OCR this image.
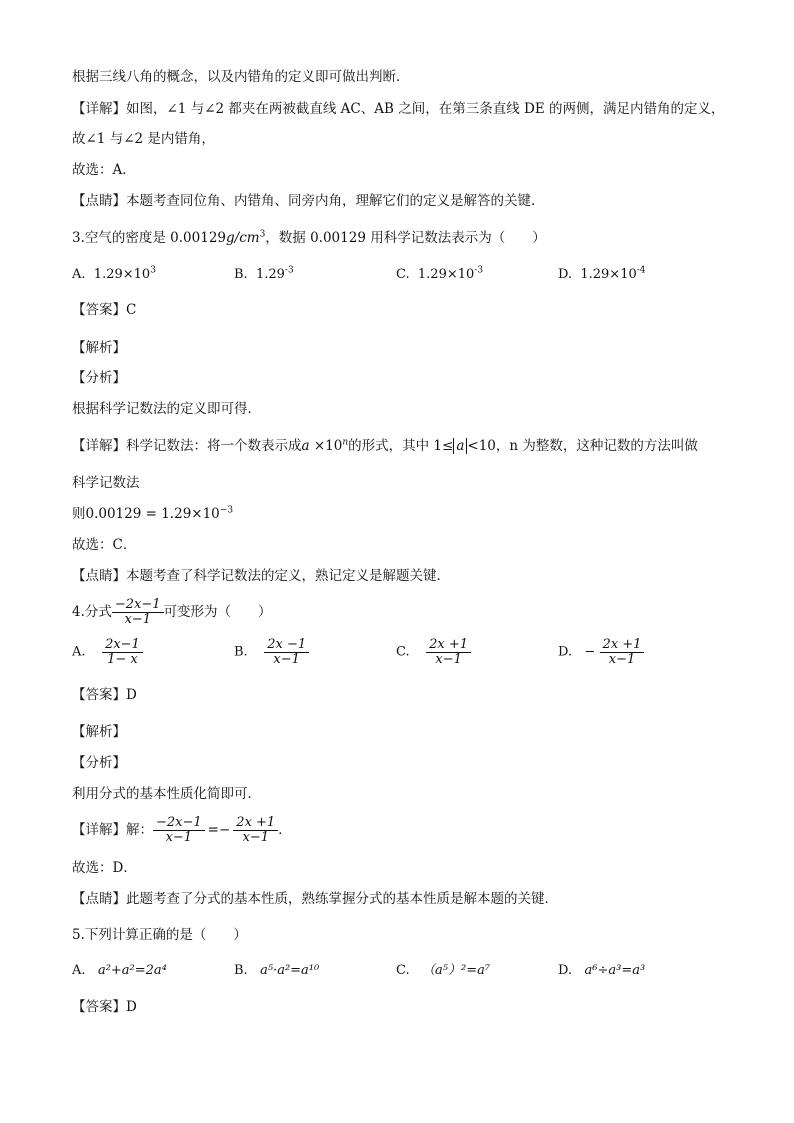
根据三线八角的概念，以及内错角的定义即可做出判断．
【详解】如图，∠1 与∠2 都夹在两被截直线 AC、AB 之间，在第三条直线 DE 的两侧，满足内错角的定义，
故∠1 与∠2 是内错角，
故选：A．
【点睛】本题考查同位角、内错角、同旁内角，理解它们的定义是解答的关键．
3.空气的密度是 $0.00129g/cm^3$，数据 0.00129 用科学记数法表示为（　　）
A. $1.29\times 10^3$	B. $1.29^{-3}$	C. $1.29\times 10^{-3}$	D. $1.29\times 10^{-4}$
【答案】C
【解析】
【分析】
根据科学记数法的定义即可得．
【详解】科学记数法：将一个数表示成$a \times 10^n$的形式，其中 1≤ a <10，n 为整数，这种记数的方法叫做
科学记数法
则$0.00129 = 1.29\times 10^{-3}$
故选：C．
【点睛】本题考查了科学记数法的定义，熟记定义是解题关键．
4.分式 $\frac{-2x-1}{x-1}$ 可变形为（　　）
A. $\frac{2x-1}{1- x}$	B. $\frac{2x -1}{x-1}$	C. $\frac{2x +1}{x-1}$	D. − $\frac{2x +1}{x-1}$
【答案】D
【解析】
【分析】
利用分式的基本性质化简即可．
【详解】解： $\frac{-2x-1}{x-1} =- \frac{2x +1}{x-1}$ ．
故选：D．
【点睛】此题考查了分式的基本性质，熟练掌握分式的基本性质是解本题的关键．
5.下列计算正确的是（　　）
A. a²+a²=2a⁴	B. a⁵·a²=a¹⁰	C. （a⁵）²=a⁷	D. a⁶÷a³=a³
【答案】D
